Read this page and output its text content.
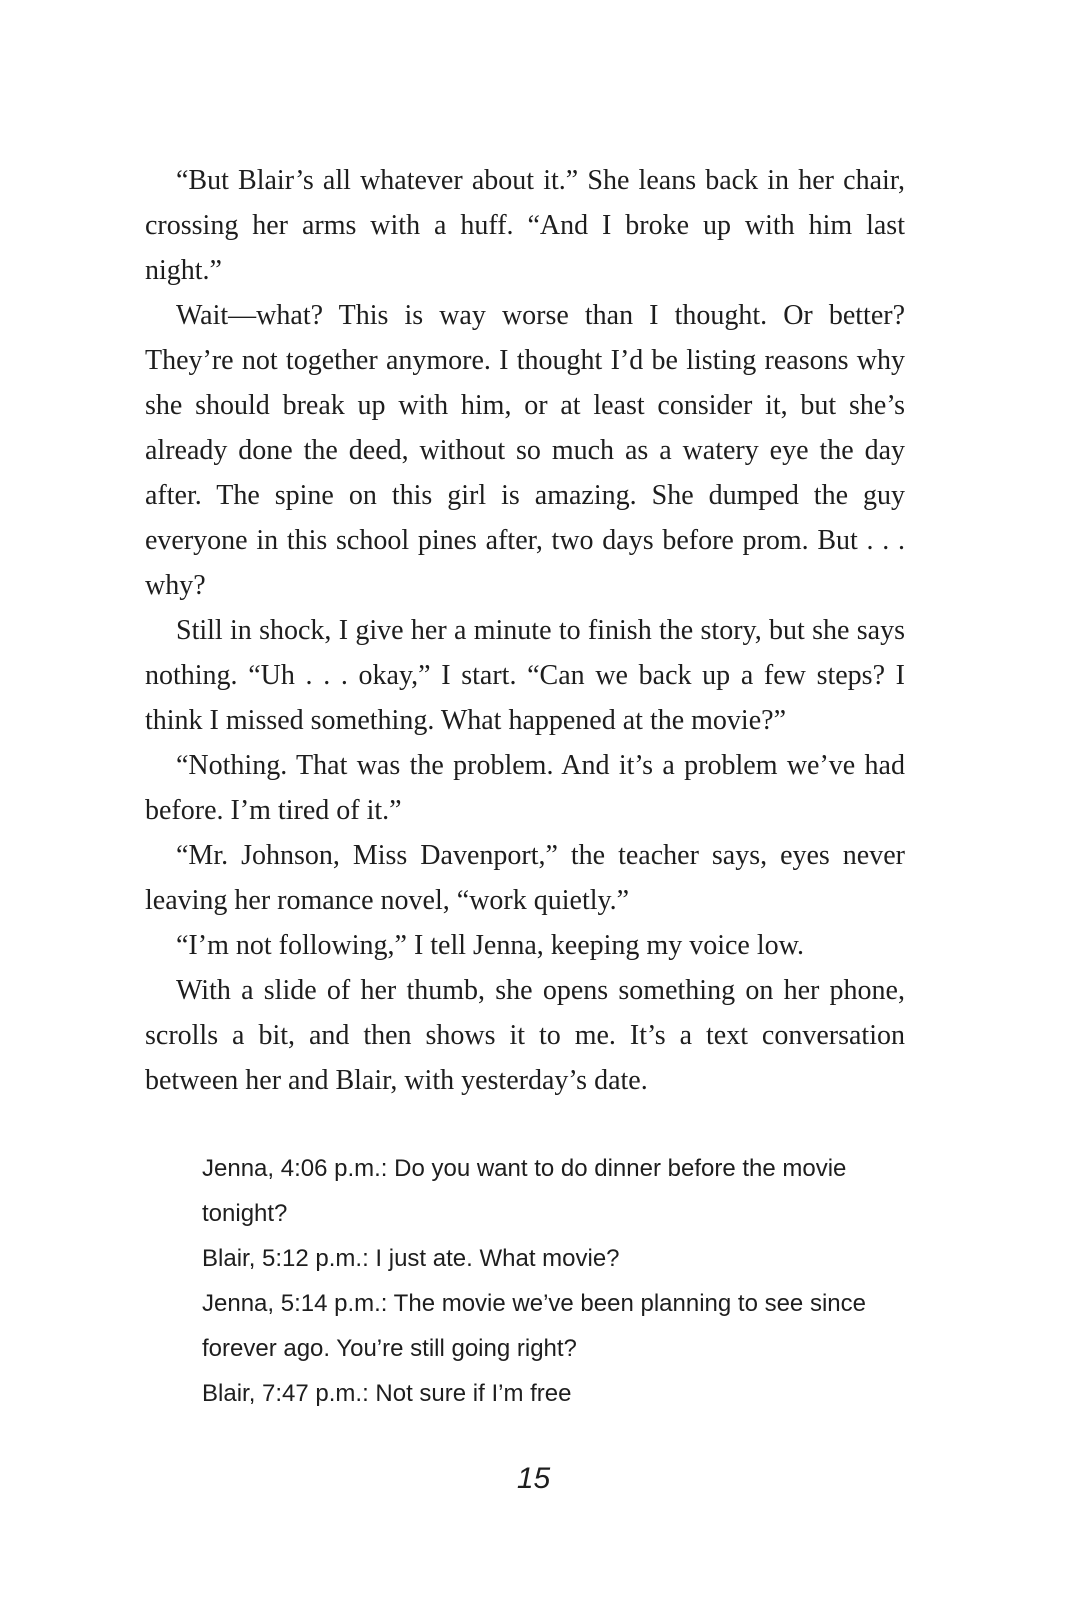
“But Blair’s all whatever about it.” She leans back in her chair, crossing her arms with a huff. “And I broke up with him last night.”

Wait—what? This is way worse than I thought. Or better? They’re not together anymore. I thought I’d be listing reasons why she should break up with him, or at least consider it, but she’s already done the deed, without so much as a watery eye the day after. The spine on this girl is amazing. She dumped the guy everyone in this school pines after, two days before prom. But . . . why?

Still in shock, I give her a minute to finish the story, but she says nothing. “Uh . . . okay,” I start. “Can we back up a few steps? I think I missed something. What happened at the movie?”

“Nothing. That was the problem. And it’s a problem we’ve had before. I’m tired of it.”

“Mr. Johnson, Miss Davenport,” the teacher says, eyes never leaving her romance novel, “work quietly.”

“I’m not following,” I tell Jenna, keeping my voice low.

With a slide of her thumb, she opens something on her phone, scrolls a bit, and then shows it to me. It’s a text conversation between her and Blair, with yesterday’s date.

Jenna, 4:06 p.m.: Do you want to do dinner before the movie tonight?

Blair, 5:12 p.m.: I just ate. What movie?

Jenna, 5:14 p.m.: The movie we’ve been planning to see since forever ago. You’re still going right?

Blair, 7:47 p.m.: Not sure if I’m free

15
